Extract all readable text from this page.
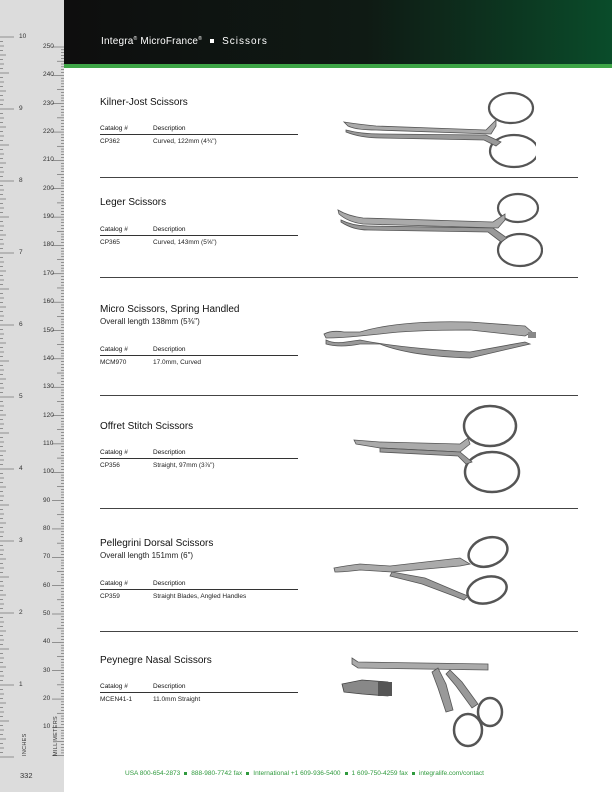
10
9
8
7
6
5
4
3
2
1
250
240
230
220
210
200
190
180
170
160
150
140
130
120
110
100
90
80
70
60
50
40
30
20
10
INCHES	MILLIMETERS
332
Integra® MicroFrance® Scissors
Kilner-Jost Scissors
Catalog #	Description
CP362	Curved, 122mm (4¾")
Leger Scissors
Catalog #	Description
CP365	Curved, 143mm (5⅝")
Micro Scissors, Spring Handled
Overall length 138mm (5⅜")
Catalog #	Description
MCM970	17.0mm, Curved
Offret Stitch Scissors
Catalog #	Description
CP356	Straight, 97mm (3⅞")
Pellegrini Dorsal Scissors
Overall length 151mm (6")
Catalog #	Description
CP359	Straight Blades, Angled Handles
Peynegre Nasal Scissors
Catalog #	Description
MCEN41-1	11.0mm Straight
USA 800-654-2873 888-980-7742 fax International +1 609-936-5400 1 609-750-4259 fax integralife.com/contact
